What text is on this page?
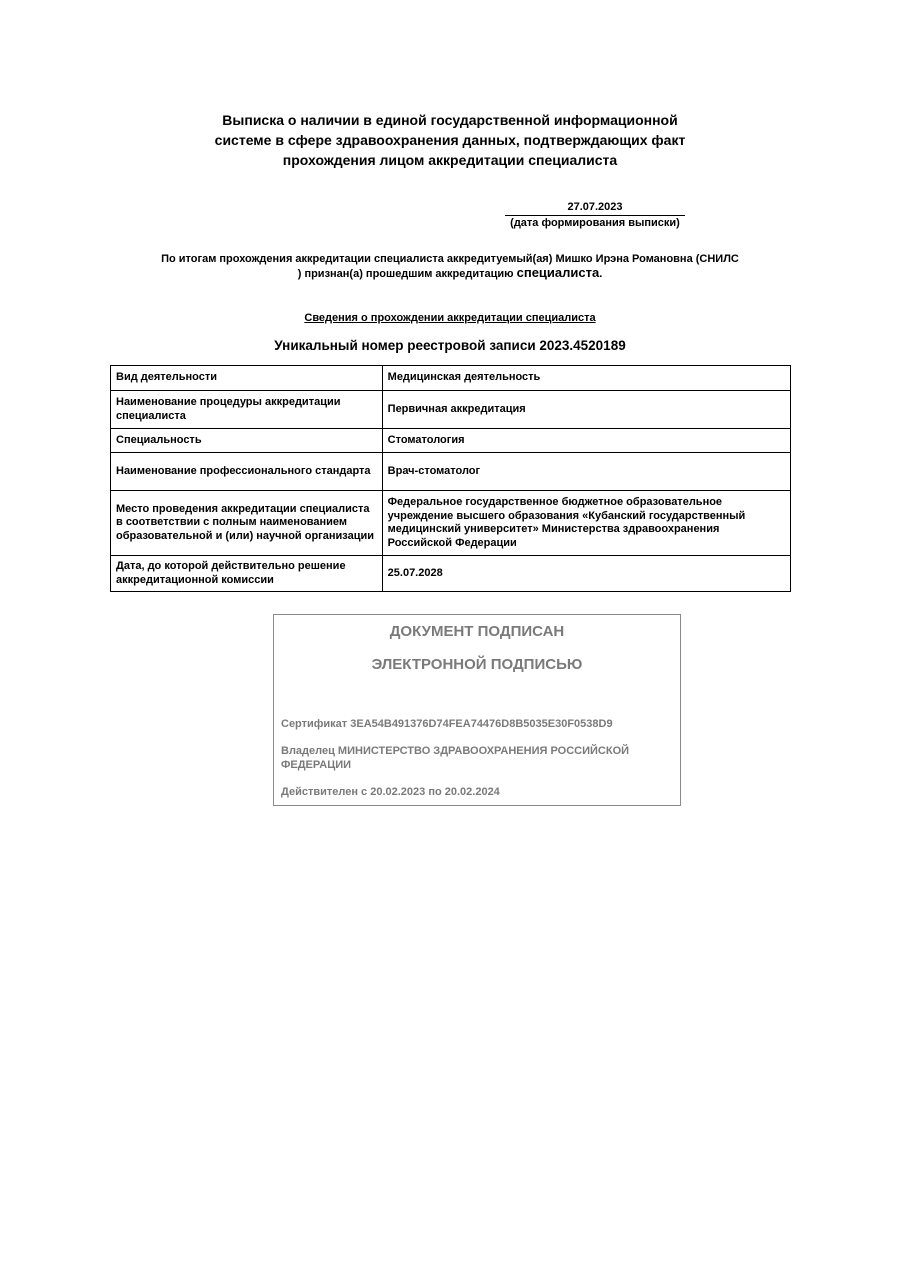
Выписка о наличии в единой государственной информационной
системе в сфере здравоохранения данных, подтверждающих факт
прохождения лицом аккредитации специалиста
27.07.2023
(дата формирования выписки)
По итогам прохождения аккредитации специалиста аккредитуемый(ая) Мишко Ирэна Романовна (СНИЛС
) признан(а) прошедшим аккредитацию специалиста.
Сведения о прохождении аккредитации специалиста
Уникальный номер реестровой записи 2023.4520189
Вид деятельности	Медицинская деятельность
Наименование процедуры аккредитации специалиста	Первичная аккредитация
Специальность	Стоматология
Наименование профессионального стандарта	Врач-стоматолог
Место проведения аккредитации специалиста в соответствии с полным наименованием образовательной и (или) научной организации	Федеральное государственное бюджетное образовательное учреждение высшего образования «Кубанский государственный медицинский университет» Министерства здравоохранения Российской Федерации
Дата, до которой действительно решение аккредитационной комиссии	25.07.2028
ДОКУМЕНТ ПОДПИСАН
ЭЛЕКТРОННОЙ ПОДПИСЬЮ
Сертификат 3EA54B491376D74FEA74476D8B5035E30F0538D9
Владелец МИНИСТЕРСТВО ЗДРАВООХРАНЕНИЯ РОССИЙСКОЙ ФЕДЕРАЦИИ
Действителен с 20.02.2023 по 20.02.2024
